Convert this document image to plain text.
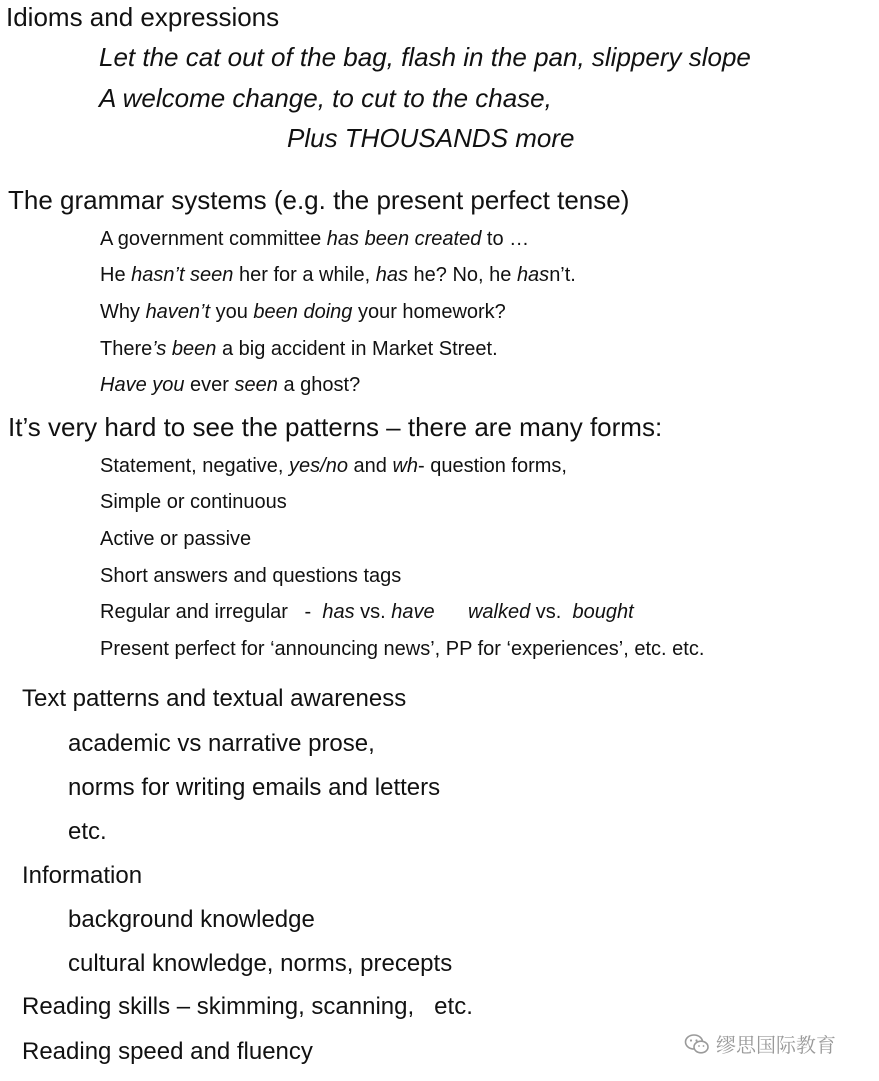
Idioms and expressions
Let the cat out of the bag, flash in the pan, slippery slope
A welcome change, to cut to the chase,
Plus THOUSANDS more
The grammar systems (e.g. the present perfect tense)
A government committee has been created to …
He hasn’t seen her for a while, has he? No, he hasn’t.
Why haven’t you been doing your homework?
There’s been a big accident in Market Street.
Have you ever seen a ghost?
It’s very hard to see the patterns – there are many forms:
Statement, negative, yes/no and wh- question forms,
Simple or continuous
Active or passive
Short answers and questions tags
Regular and irregular   -  has vs. have walked vs.  bought
Present perfect for ‘announcing news’, PP for ‘experiences’, etc. etc.
Text patterns and textual awareness
academic vs narrative prose,
norms for writing emails and letters
etc.
Information
background knowledge
cultural knowledge, norms, precepts
Reading skills – skimming, scanning,   etc.
Reading speed and fluency	缪思国际教育
